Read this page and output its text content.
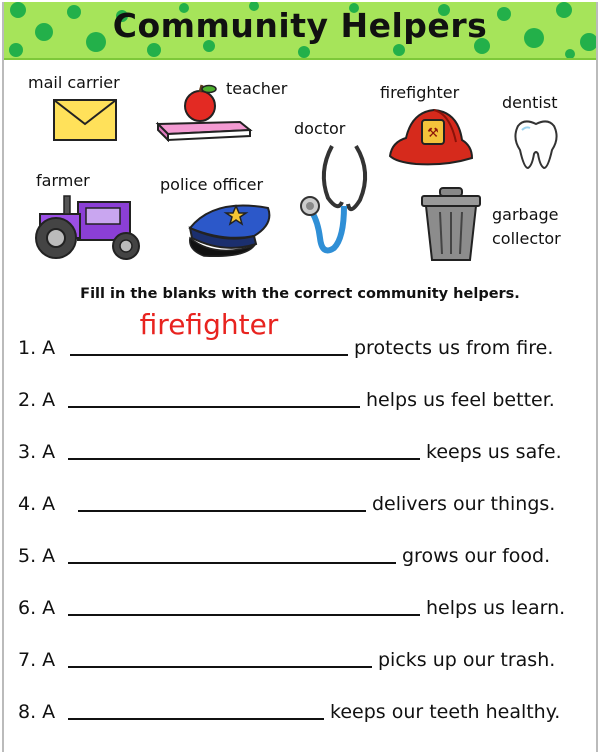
Community Helpers
mail carrier	teacher	firefighter
⚒
dentist
doctor
farmer	police officer
garbage
collector
Fill in the blanks with the correct community helpers.
1. A
firefighter
protects us from fire.
2. A	helps us feel better.
3. A	keeps us safe.
4. A	delivers our things.
5. A	grows our food.
6. A	helps us learn.
7. A	picks up our trash.
8. A	keeps our teeth healthy.
